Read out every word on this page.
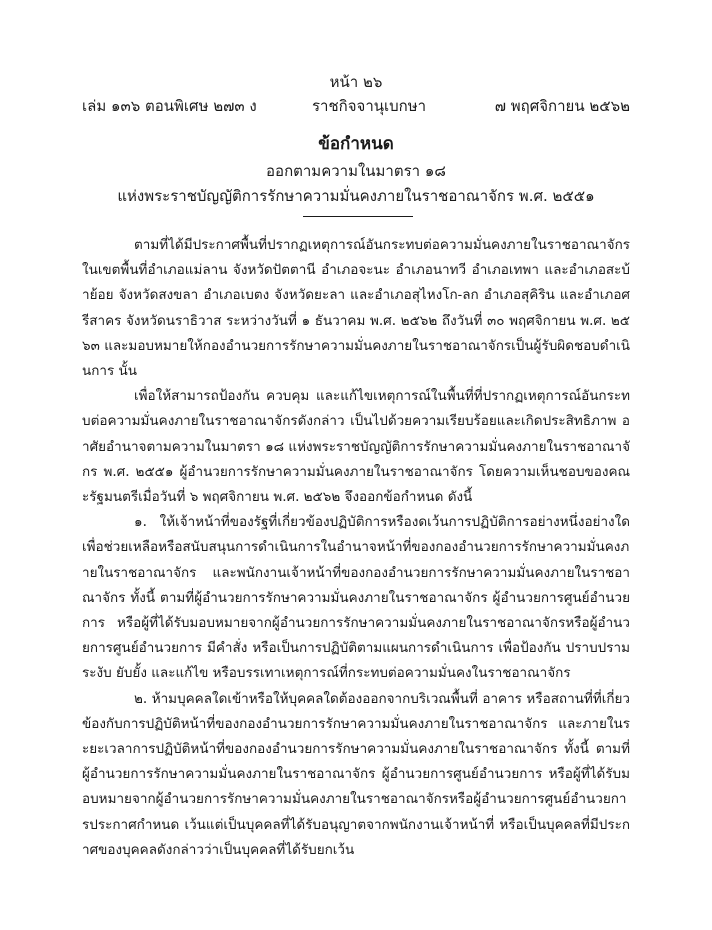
หน้า ๒๖
เล่ม ๑๓๖ ตอนพิเศษ ๒๗๓ ง	ราชกิจจานุเบกษา	๗ พฤศจิกายน ๒๕๖๒
ข้อกำหนด
ออกตามความในมาตรา ๑๘
แห่งพระราชบัญญัติการรักษาความมั่นคงภายในราชอาณาจักร พ.ศ. ๒๕๕๑

ตามที่ได้มีประกาศพื้นที่ปรากฏเหตุการณ์อันกระทบต่อความมั่นคงภายในราชอาณาจักรในเขตพื้นที่อำเภอแม่ลาน จังหวัดปัตตานี อำเภอจะนะ อำเภอนาทวี อำเภอเทพา และอำเภอสะบ้าย้อย จังหวัดสงขลา อำเภอเบตง จังหวัดยะลา และอำเภอสุไหงโก-ลก อำเภอสุคิริน และอำเภอศรีสาคร จังหวัดนราธิวาส ระหว่างวันที่ ๑ ธันวาคม พ.ศ. ๒๕๖๒ ถึงวันที่ ๓๐ พฤศจิกายน พ.ศ. ๒๕๖๓ และมอบหมายให้กองอำนวยการรักษาความมั่นคงภายในราชอาณาจักรเป็นผู้รับผิดชอบดำเนินการ นั้น

เพื่อให้สามารถป้องกัน ควบคุม และแก้ไขเหตุการณ์ในพื้นที่ที่ปรากฏเหตุการณ์อันกระทบต่อความมั่นคงภายในราชอาณาจักรดังกล่าว เป็นไปด้วยความเรียบร้อยและเกิดประสิทธิภาพ อาศัยอำนาจตามความในมาตรา ๑๘ แห่งพระราชบัญญัติการรักษาความมั่นคงภายในราชอาณาจักร พ.ศ. ๒๕๕๑ ผู้อำนวยการรักษาความมั่นคงภายในราชอาณาจักร โดยความเห็นชอบของคณะรัฐมนตรีเมื่อวันที่ ๖ พฤศจิกายน พ.ศ. ๒๕๖๒ จึงออกข้อกำหนด ดังนี้

๑. ให้เจ้าหน้าที่ของรัฐที่เกี่ยวข้องปฏิบัติการหรืองดเว้นการปฏิบัติการอย่างหนึ่งอย่างใด เพื่อช่วยเหลือหรือสนับสนุนการดำเนินการในอำนาจหน้าที่ของกองอำนวยการรักษาความมั่นคงภายในราชอาณาจักร และพนักงานเจ้าหน้าที่ของกองอำนวยการรักษาความมั่นคงภายในราชอาณาจักร ทั้งนี้ ตามที่ผู้อำนวยการรักษาความมั่นคงภายในราชอาณาจักร ผู้อำนวยการศูนย์อำนวยการ หรือผู้ที่ได้รับมอบหมายจากผู้อำนวยการรักษาความมั่นคงภายในราชอาณาจักรหรือผู้อำนวยการศูนย์อำนวยการ มีคำสั่ง หรือเป็นการปฏิบัติตามแผนการดำเนินการ เพื่อป้องกัน ปราบปราม ระงับ ยับยั้ง และแก้ไข หรือบรรเทาเหตุการณ์ที่กระทบต่อความมั่นคงในราชอาณาจักร

๒. ห้ามบุคคลใดเข้าหรือให้บุคคลใดต้องออกจากบริเวณพื้นที่ อาคาร หรือสถานที่ที่เกี่ยวข้องกับการปฏิบัติหน้าที่ของกองอำนวยการรักษาความมั่นคงภายในราชอาณาจักร และภายในระยะเวลาการปฏิบัติหน้าที่ของกองอำนวยการรักษาความมั่นคงภายในราชอาณาจักร ทั้งนี้ ตามที่ผู้อำนวยการรักษาความมั่นคงภายในราชอาณาจักร ผู้อำนวยการศูนย์อำนวยการ หรือผู้ที่ได้รับมอบหมายจากผู้อำนวยการรักษาความมั่นคงภายในราชอาณาจักรหรือผู้อำนวยการศูนย์อำนวยการประกาศกำหนด เว้นแต่เป็นบุคคลที่ได้รับอนุญาตจากพนักงานเจ้าหน้าที่ หรือเป็นบุคคลที่มีประกาศของบุคคลดังกล่าวว่าเป็นบุคคลที่ได้รับยกเว้น
